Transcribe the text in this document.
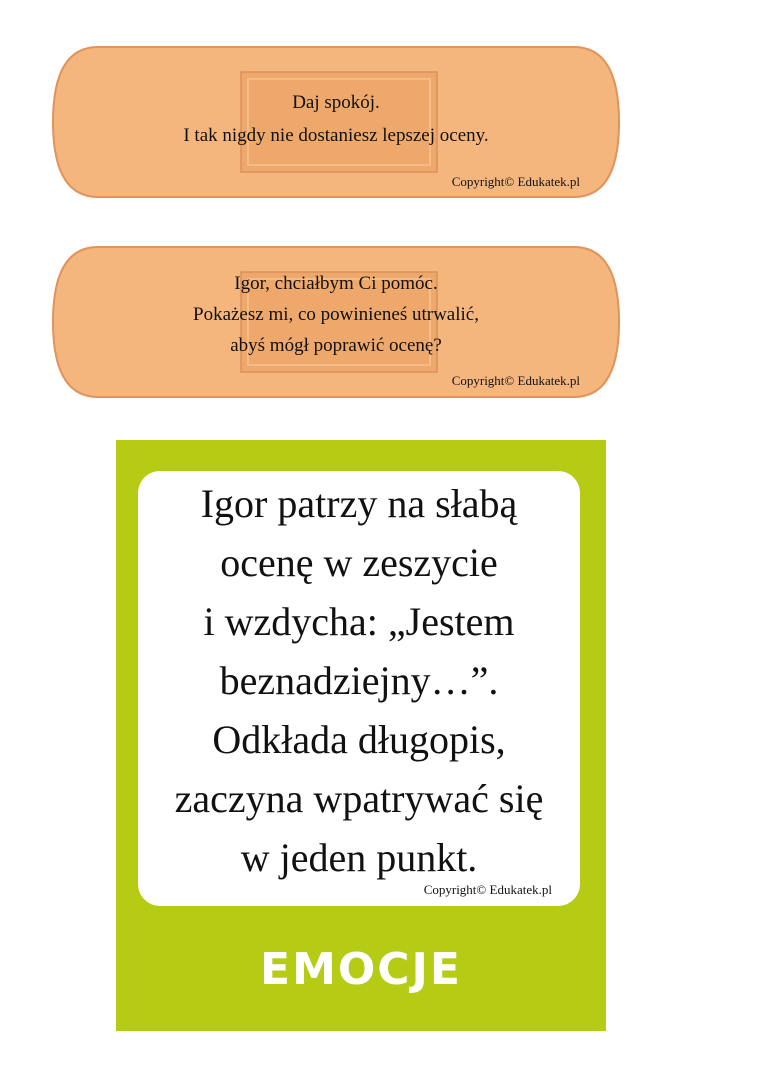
Daj spokój.
I tak nigdy nie dostaniesz lepszej oceny.
Copyright© Edukatek.pl
Igor, chciałbym Ci pomóc.
Pokażesz mi, co powinieneś utrwalić,
abyś mógł poprawić ocenę?
Copyright© Edukatek.pl
Igor patrzy na słabą
ocenę w zeszycie
i wzdycha: „Jestem
beznadziejny…”.
Odkłada długopis,
zaczyna wpatrywać się
w jeden punkt.
Copyright© Edukatek.pl
EMOCJE
